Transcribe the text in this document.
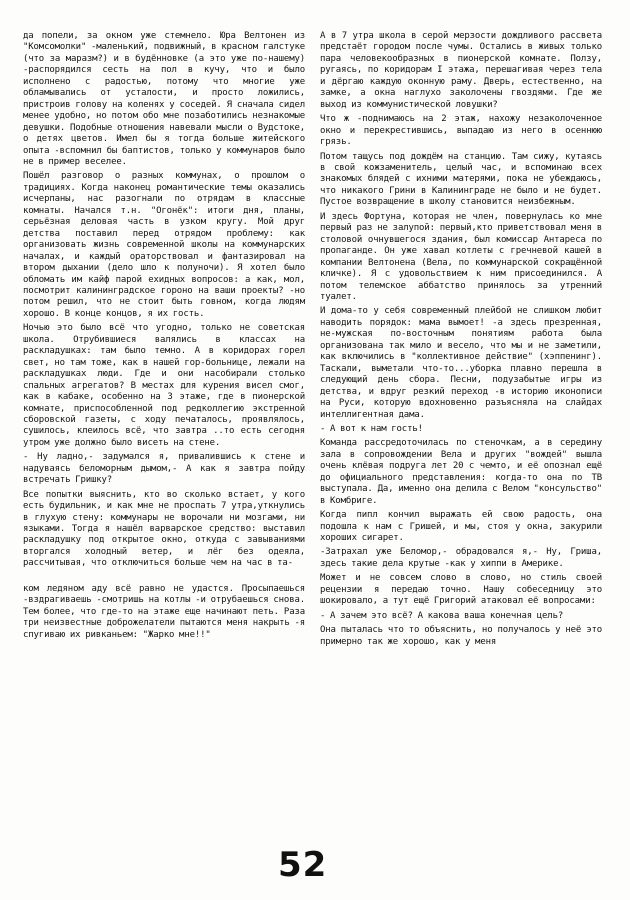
да попели, за окном уже стемнело. Юра Велтонен из "Комсомолки" -маленький, подвижный, в красном галстуке (что за маразм?) и в будённовке (а это уже по-нашему) -распорядился сесть на пол в кучу, что и было исполнено с радостью, потому что многие уже обламывались от усталости, и просто ложились, пристроив голову на коленях у соседей. Я сначала сидел менее удобно, но потом обо мне позаботились незнакомые девушки. Подобные отношения навевали мысли о Вудстоке, о детях цветов. Имел бы я тогда больше житейского опыта -вспомнил бы баптистов, только у коммунаров было не в пример веселее.

Пошёл разговор о разных коммунах, о прошлом о традициях. Когда наконец романтические темы оказались исчерпаны, нас разогнали по отрядам в классные комнаты. Начался т.н. "Огонёк": итоги дня, планы, серьёзная деловая часть в узком кругу. Мой друг детства поставил перед отрядом проблему: как организовать жизнь современной школы на коммунарских началах, и каждый ораторствовал и фантазировал на втором дыхании (дело шло к полуночи). Я хотел было обломать им кайф парой ехидных вопросов: а как, мол, посмотрит калининградское гороно на ваши проекты? -но потом решил, что не стоит быть говном, когда людям хорошо. В конце концов, я их гость.

Ночью это было всё что угодно, только не советская школа. Отрубившиеся валялись в классах на раскладушках: там было темно. А в коридорах горел свет, но там тоже, как в нашей гор-больнице, лежали на раскладушках люди. Где и они насобирали столько спальных агрегатов? В местах для курения висел смог, как в кабаке, особенно на 3 этаже, где в пионерской комнате, приспособленной под редколлегию экстренной сборовской газеты, с ходу печаталось, проявлялось, сушилось, клеилось всё, что завтра ..то есть сегодня утром уже должно было висеть на стене.

- Ну ладно,- задумался я, привалившись к стене и надуваясь беломорным дымом,- А как я завтра пойду встречать Гришку?

Все попытки выяснить, кто во сколько встает, у кого есть будильник, и как мне не проспать 7 утра,уткнулись в глухую стену: коммунары не ворочали ни мозгами, ни языками. Тогда я нашёл варварское средство: выставил раскладушку под открытое окно, откуда с завываниями вторгался холодный ветер, и лёг без одеяла, рассчитывая, что отключиться больше чем на час в та-

ком ледяном аду всё равно не удастся. Просыпаешься -вздрагиваешь -смотришь на котлы -и отрубаешься снова. Тем более, что где-то на этаже еще начинают петь. Раза три неизвестные доброжелатели пытаются меня накрыть -я спугиваю их ривканьем: "Жарко мне!!"

А в 7 утра школа в серой мерзости дождливого рассвета предстаёт городом после чумы. Остались в живых только пара человекообразных в пионерской комнате. Ползу, ругаясь, по коридорам I этажа, перешагивая через тела и дёргаю каждую оконную раму. Дверь, естественно, на замке, а окна наглухо заколочены гвоздями. Где же выход из коммунистической ловушки?

Что ж -поднимаюсь на 2 этаж, нахожу незаколоченное окно и перекрестившись, выпадаю из него в осеннюю грязь.

Потом тащусь под дождём на станцию. Там сижу, кутаясь в свой кожзаменитель, целый час, и вспоминаю всех знакомых блядей с ихними матерями, пока не убеждаюсь, что никакого Грини в Калининграде не было и не будет. Пустое возвращение в школу становится неизбежным.

И здесь Фортуна, которая не член, повернулась ко мне первый раз не залупой: первый,кто приветствовал меня в столовой очнувшегося здания, был комиссар Антареса по пропаганде. Он уже хавал котлеты с гречневой кашей в компании Велтонена (Вела, по коммунарской сокращённой кличке). Я с удовольствием к ним присоединился. А потом телемское аббатство принялось за утренний туалет.

И дома-то у себя современный плейбой не слишком любит наводить порядок: мама вымоет! -а здесь презренная, не-мужская по-восточным понятиям работа была организована так мило и весело, что мы и не заметили, как включились в "коллективное действие" (хэппенинг). Таскали, выметали что-то...уборка плавно перешла в следующий день сбора. Песни, подузабытые игры из детства, и вдруг резкий переход -в историю иконописи на Руси, которую вдохновенно разъясняла на слайдах интеллигентная дама.

- А вот к нам гость!

Команда рассредоточилась по стеночкам, а в середину зала в сопровождении Вела и других "вождей" вышла очень клёвая подруга лет 20 с чемто, и её опознал ещё до официального представления: когда-то она по ТВ выступала. Да, именно она делила с Велом "консульство" в Комбриге.

Когда пипл кончил выражать ей свою радость, она подошла к нам с Гришей, и мы, стоя у окна, закурили хороших сигарет.

-Затрахал уже Беломор,- обрадовался я,- Ну, Гриша, здесь такие дела крутые -как у хиппи в Америке.

Может и не совсем слово в слово, но стиль своей рецензии я передаю точно. Нашу собеседницу это шокировало, а тут ещё Григорий атаковал её вопросами:

- А зачем это всё? А какова ваша конечная цель?

Она пыталась что то объяснить, но получалось у неё это примерно так же хорошо, как у меня

52
